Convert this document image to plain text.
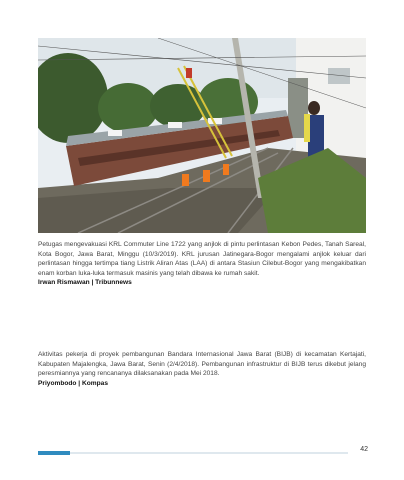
Petugas mengevakuasi KRL Commuter Line 1722 yang anjlok di pintu perlintasan Kebon Pedes, Tanah Sareal, Kota Bogor, Jawa Barat, Minggu (10/3/2019). KRL jurusan Jatinegara-Bogor mengalami anjlok keluar dari perlintasan hingga tertimpa tiang Listrik Aliran Atas (LAA) di antara Stasiun Cilebut-Bogor yang mengakibatkan enam korban luka-luka termasuk masinis yang telah dibawa ke rumah sakit.
Irwan Rismawan | Tribunnews
Aktivitas pekerja di proyek pembangunan Bandara Internasional Jawa Barat (BIJB) di kecamatan Kertajati, Kabupaten Majalengka, Jawa Barat, Senin (2/4/2018). Pembangunan infrastruktur di BIJB terus dikebut jelang peresmiannya yang rencananya dilaksanakan pada Mei 2018.
Priyombodo | Kompas
42
